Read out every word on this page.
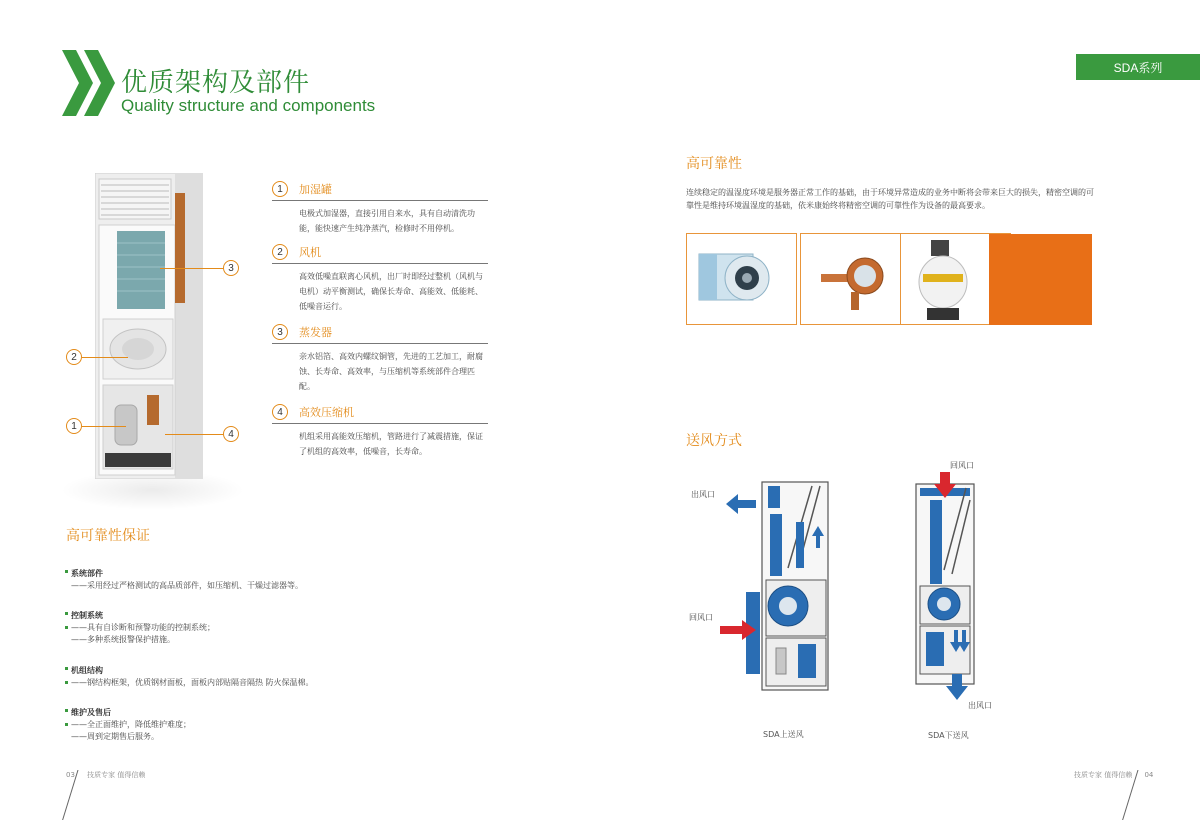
优质架构及部件
Quality structure and components
SDA系列
3
2
1
4
1	加湿罐
电极式加湿器，直接引用自来水，具有自动清洗功能，能快速产生纯净蒸汽，检修时不用停机。
2	风机
高效低噪直联离心风机，出厂时即经过整机（风机与电机）动平衡测试，确保长寿命、高能效、低能耗、低噪音运行。
3	蒸发器
亲水铝箔、高效内螺纹铜管，先进的工艺加工，耐腐蚀、长寿命、高效率，与压缩机等系统部件合理匹配。
4	高效压缩机
机组采用高能效压缩机，管路进行了减震措施，保证了机组的高效率，低噪音，长寿命。
高可靠性保证
系统部件
——采用经过严格测试的高品质部件，如压缩机、干燥过滤器等。
控制系统
——具有自诊断和预警功能的控制系统；
——多种系统报警保护措施。
机组结构
——钢结构框架，优质钢材面板，面板内部贴隔音隔热 防火保温棉。
维护及售后
——全正面维护，降低维护难度；
——周到定期售后服务。
高可靠性
连续稳定的温湿度环境是服务器正常工作的基础，由于环境异常造成的业务中断将会带来巨大的损失，精密空调的可靠性是维持环境温湿度的基础，依米康始终将精密空调的可靠性作为设备的最高要求。
送风方式
出风口
回风口
SDA上送风
回风口
出风口
SDA下送风
03 技质专家 值得信赖	技质专家 值得信赖 04
